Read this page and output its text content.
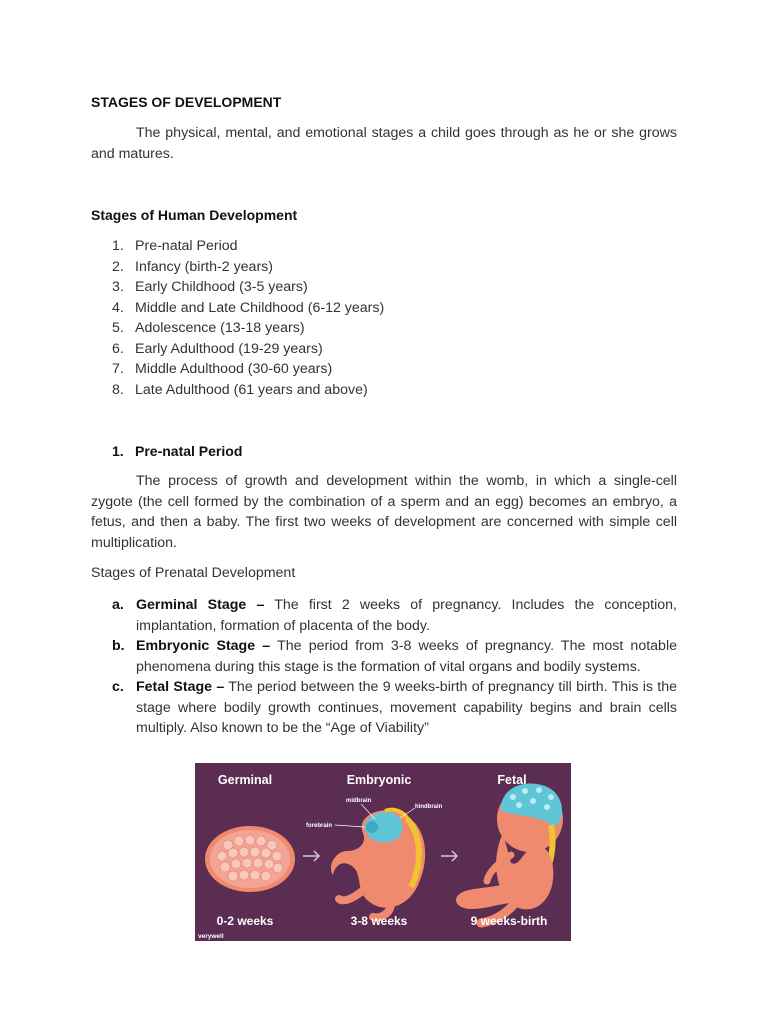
STAGES OF DEVELOPMENT
The physical, mental, and emotional stages a child goes through as he or she grows and matures.
Stages of Human Development
1. Pre-natal Period
2. Infancy (birth-2 years)
3. Early Childhood (3-5 years)
4. Middle and Late Childhood (6-12 years)
5. Adolescence (13-18 years)
6. Early Adulthood (19-29 years)
7. Middle Adulthood (30-60 years)
8. Late Adulthood (61 years and above)
1. Pre-natal Period
The process of growth and development within the womb, in which a single-cell zygote (the cell formed by the combination of a sperm and an egg) becomes an embryo, a fetus, and then a baby. The first two weeks of development are concerned with simple cell multiplication.
Stages of Prenatal Development
a. Germinal Stage – The first 2 weeks of pregnancy. Includes the conception, implantation, formation of placenta of the body.
b. Embryonic Stage – The period from 3-8 weeks of pregnancy. The most notable phenomena during this stage is the formation of vital organs and bodily systems.
c. Fetal Stage – The period between the 9 weeks-birth of pregnancy till birth. This is the stage where bodily growth continues, movement capability begins and brain cells multiply. Also known to be the “Age of Viability”
Germinal	Embryonic	Fetal
midbrain
hindbrain
forebrain
0-2 weeks	3-8 weeks	9 weeks-birth
verywell
